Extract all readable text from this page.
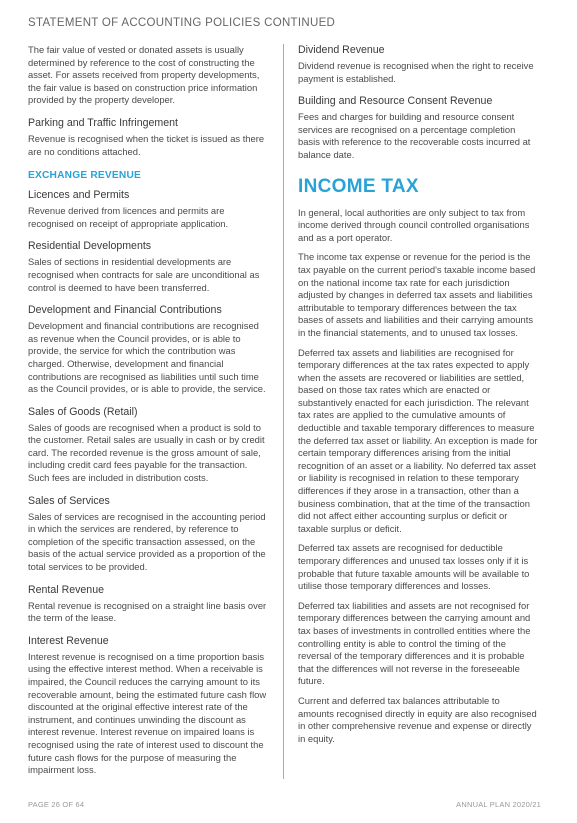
STATEMENT OF ACCOUNTING POLICIES CONTINUED

The fair value of vested or donated assets is usually determined by reference to the cost of constructing the asset. For assets received from property developments, the fair value is based on construction price information provided by the property developer.

Parking and Traffic Infringement

Revenue is recognised when the ticket is issued as there are no conditions attached.

EXCHANGE REVENUE
Licences and Permits

Revenue derived from licences and permits are recognised on receipt of appropriate application.

Residential Developments

Sales of sections in residential developments are recognised when contracts for sale are unconditional as control is deemed to have been transferred.

Development and Financial Contributions

Development and financial contributions are recognised as revenue when the Council provides, or is able to provide, the service for which the contribution was charged. Otherwise, development and financial contributions are recognised as liabilities until such time as the Council provides, or is able to provide, the service.

Sales of Goods (Retail)

Sales of goods are recognised when a product is sold to the customer. Retail sales are usually in cash or by credit card. The recorded revenue is the gross amount of sale, including credit card fees payable for the transaction. Such fees are included in distribution costs.

Sales of Services

Sales of services are recognised in the accounting period in which the services are rendered, by reference to completion of the specific transaction assessed, on the basis of the actual service provided as a proportion of the total services to be provided.

Rental Revenue

Rental revenue is recognised on a straight line basis over the term of the lease.

Interest Revenue

Interest revenue is recognised on a time proportion basis using the effective interest method. When a receivable is impaired, the Council reduces the carrying amount to its recoverable amount, being the estimated future cash flow discounted at the original effective interest rate of the instrument, and continues unwinding the discount as interest revenue. Interest revenue on impaired loans is recognised using the rate of interest used to discount the future cash flows for the purpose of measuring the impairment loss.

Dividend Revenue

Dividend revenue is recognised when the right to receive payment is established.

Building and Resource Consent Revenue

Fees and charges for building and resource consent services are recognised on a percentage completion basis with reference to the recoverable costs incurred at balance date.

INCOME TAX

In general, local authorities are only subject to tax from income derived through council controlled organisations and as a port operator.

The income tax expense or revenue for the period is the tax payable on the current period's taxable income based on the national income tax rate for each jurisdiction adjusted by changes in deferred tax assets and liabilities attributable to temporary differences between the tax bases of assets and liabilities and their carrying amounts in the financial statements, and to unused tax losses.

Deferred tax assets and liabilities are recognised for temporary differences at the tax rates expected to apply when the assets are recovered or liabilities are settled, based on those tax rates which are enacted or substantively enacted for each jurisdiction. The relevant tax rates are applied to the cumulative amounts of deductible and taxable temporary differences to measure the deferred tax asset or liability. An exception is made for certain temporary differences arising from the initial recognition of an asset or a liability. No deferred tax asset or liability is recognised in relation to these temporary differences if they arose in a transaction, other than a business combination, that at the time of the transaction did not affect either accounting surplus or deficit or taxable surplus or deficit.

Deferred tax assets are recognised for deductible temporary differences and unused tax losses only if it is probable that future taxable amounts will be available to utilise those temporary differences and losses.

Deferred tax liabilities and assets are not recognised for temporary differences between the carrying amount and tax bases of investments in controlled entities where the controlling entity is able to control the timing of the reversal of the temporary differences and it is probable that the differences will not reverse in the foreseeable future.

Current and deferred tax balances attributable to amounts recognised directly in equity are also recognised in other comprehensive revenue and expense or directly in equity.

PAGE 26 OF 64	ANNUAL PLAN 2020/21
